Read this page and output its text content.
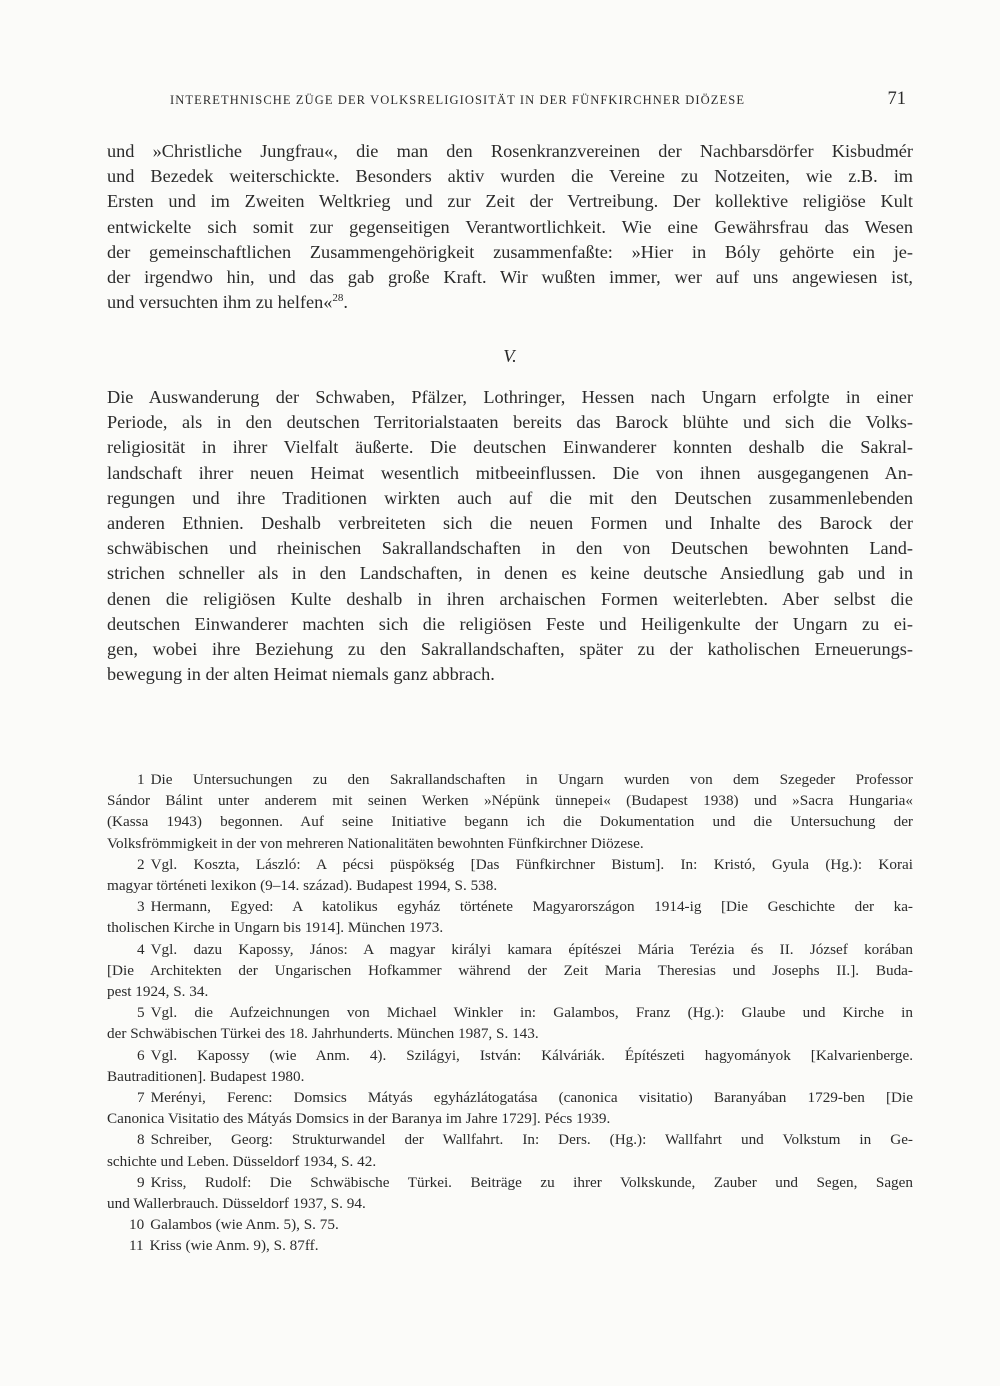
INTERETHNISCHE ZÜGE DER VOLKSRELIGIOSITÄT IN DER FÜNFKIRCHNER DIÖZESE	71
und »Christliche Jungfrau«, die man den Rosenkranzvereinen der Nachbarsdörfer Kisbudmér
und Bezedek weiterschickte. Besonders aktiv wurden die Vereine zu Notzeiten, wie z.B. im
Ersten und im Zweiten Weltkrieg und zur Zeit der Vertreibung. Der kollektive religiöse Kult
entwickelte sich somit zur gegenseitigen Verantwortlichkeit. Wie eine Gewährsfrau das Wesen
der gemeinschaftlichen Zusammengehörigkeit zusammenfaßte: »Hier in Bóly gehörte ein je-
der irgendwo hin, und das gab große Kraft. Wir wußten immer, wer auf uns angewiesen ist,
und versuchten ihm zu helfen«$^{28}$.
V.
Die Auswanderung der Schwaben, Pfälzer, Lothringer, Hessen nach Ungarn erfolgte in einer
Periode, als in den deutschen Territorialstaaten bereits das Barock blühte und sich die Volks-
religiosität in ihrer Vielfalt äußerte. Die deutschen Einwanderer konnten deshalb die Sakral-
landschaft ihrer neuen Heimat wesentlich mitbeeinflussen. Die von ihnen ausgegangenen An-
regungen und ihre Traditionen wirkten auch auf die mit den Deutschen zusammenlebenden
anderen Ethnien. Deshalb verbreiteten sich die neuen Formen und Inhalte des Barock der
schwäbischen und rheinischen Sakrallandschaften in den von Deutschen bewohnten Land-
strichen schneller als in den Landschaften, in denen es keine deutsche Ansiedlung gab und in
denen die religiösen Kulte deshalb in ihren archaischen Formen weiterlebten. Aber selbst die
deutschen Einwanderer machten sich die religiösen Feste und Heiligenkulte der Ungarn zu ei-
gen, wobei ihre Beziehung zu den Sakrallandschaften, später zu der katholischen Erneuerungs-
bewegung in der alten Heimat niemals ganz abbrach.
1 Die Untersuchungen zu den Sakrallandschaften in Ungarn wurden von dem Szegeder Professor
Sándor Bálint unter anderem mit seinen Werken »Népünk ünnepei« (Budapest 1938) und »Sacra Hungaria«
(Kassa 1943) begonnen. Auf seine Initiative begann ich die Dokumentation und die Untersuchung der
Volksfrömmigkeit in der von mehreren Nationalitäten bewohnten Fünfkirchner Diözese.
2 Vgl. Koszta, László: A pécsi püspökség [Das Fünfkirchner Bistum]. In: Kristó, Gyula (Hg.): Korai
magyar történeti lexikon (9–14. század). Budapest 1994, S. 538.
3 Hermann, Egyed: A katolikus egyház története Magyarországon 1914-ig [Die Geschichte der ka-
tholischen Kirche in Ungarn bis 1914]. München 1973.
4 Vgl. dazu Kapossy, János: A magyar királyi kamara építészei Mária Terézia és II. József korában
[Die Architekten der Ungarischen Hofkammer während der Zeit Maria Theresias und Josephs II.]. Buda-
pest 1924, S. 34.
5 Vgl. die Aufzeichnungen von Michael Winkler in: Galambos, Franz (Hg.): Glaube und Kirche in
der Schwäbischen Türkei des 18. Jahrhunderts. München 1987, S. 143.
6 Vgl. Kapossy (wie Anm. 4). Szilágyi, István: Kálváriák. Építészeti hagyományok [Kalvarienberge.
Bautraditionen]. Budapest 1980.
7 Merényi, Ferenc: Domsics Mátyás egyházlátogatása (canonica visitatio) Baranyában 1729-ben [Die
Canonica Visitatio des Mátyás Domsics in der Baranya im Jahre 1729]. Pécs 1939.
8 Schreiber, Georg: Strukturwandel der Wallfahrt. In: Ders. (Hg.): Wallfahrt und Volkstum in Ge-
schichte und Leben. Düsseldorf 1934, S. 42.
9 Kriss, Rudolf: Die Schwäbische Türkei. Beiträge zu ihrer Volkskunde, Zauber und Segen, Sagen
und Wallerbrauch. Düsseldorf 1937, S. 94.
10 Galambos (wie Anm. 5), S. 75.
11 Kriss (wie Anm. 9), S. 87ff.
